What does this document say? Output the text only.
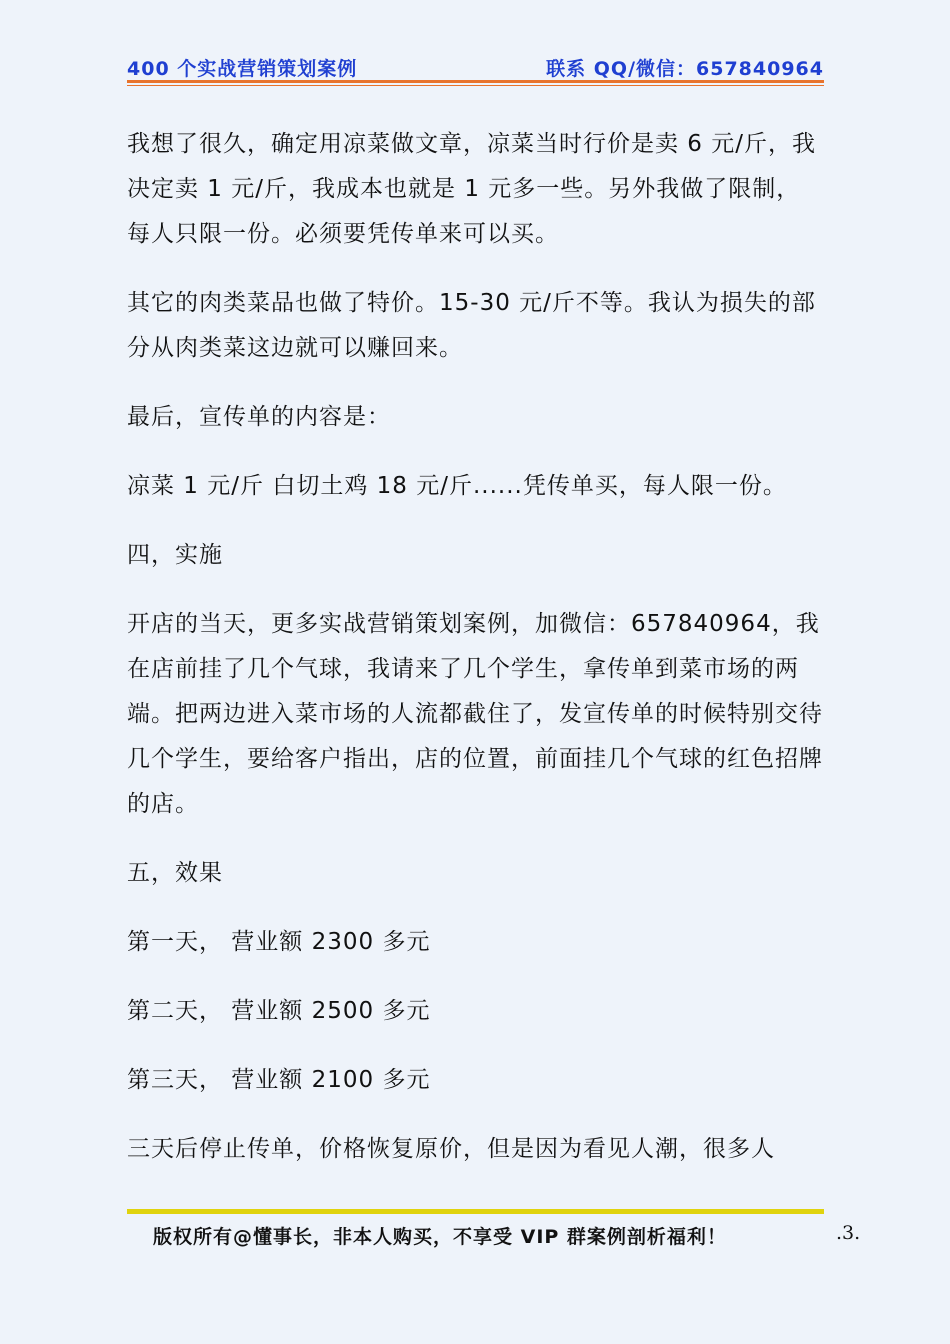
400 个实战营销策划案例	联系 QQ/微信：657840964

我想了很久，确定用凉菜做文章，凉菜当时行价是卖 6 元/斤，我决定卖 1 元/斤，我成本也就是 1 元多一些。另外我做了限制，每人只限一份。必须要凭传单来可以买。

其它的肉类菜品也做了特价。15-30 元/斤不等。我认为损失的部分从肉类菜这边就可以赚回来。

最后，宣传单的内容是：

凉菜 1 元/斤 白切土鸡 18 元/斤......凭传单买，每人限一份。

四，实施

开店的当天，更多实战营销策划案例，加微信：657840964，我在店前挂了几个气球，我请来了几个学生，拿传单到菜市场的两端。把两边进入菜市场的人流都截住了，发宣传单的时候特别交待几个学生，要给客户指出，店的位置，前面挂几个气球的红色招牌的店。

五，效果

第一天， 营业额 2300 多元

第二天， 营业额 2500 多元

第三天， 营业额 2100 多元

三天后停止传单，价格恢复原价，但是因为看见人潮，很多人

版权所有@懂事长，非本人购买，不享受 VIP 群案例剖析福利！	.3.
